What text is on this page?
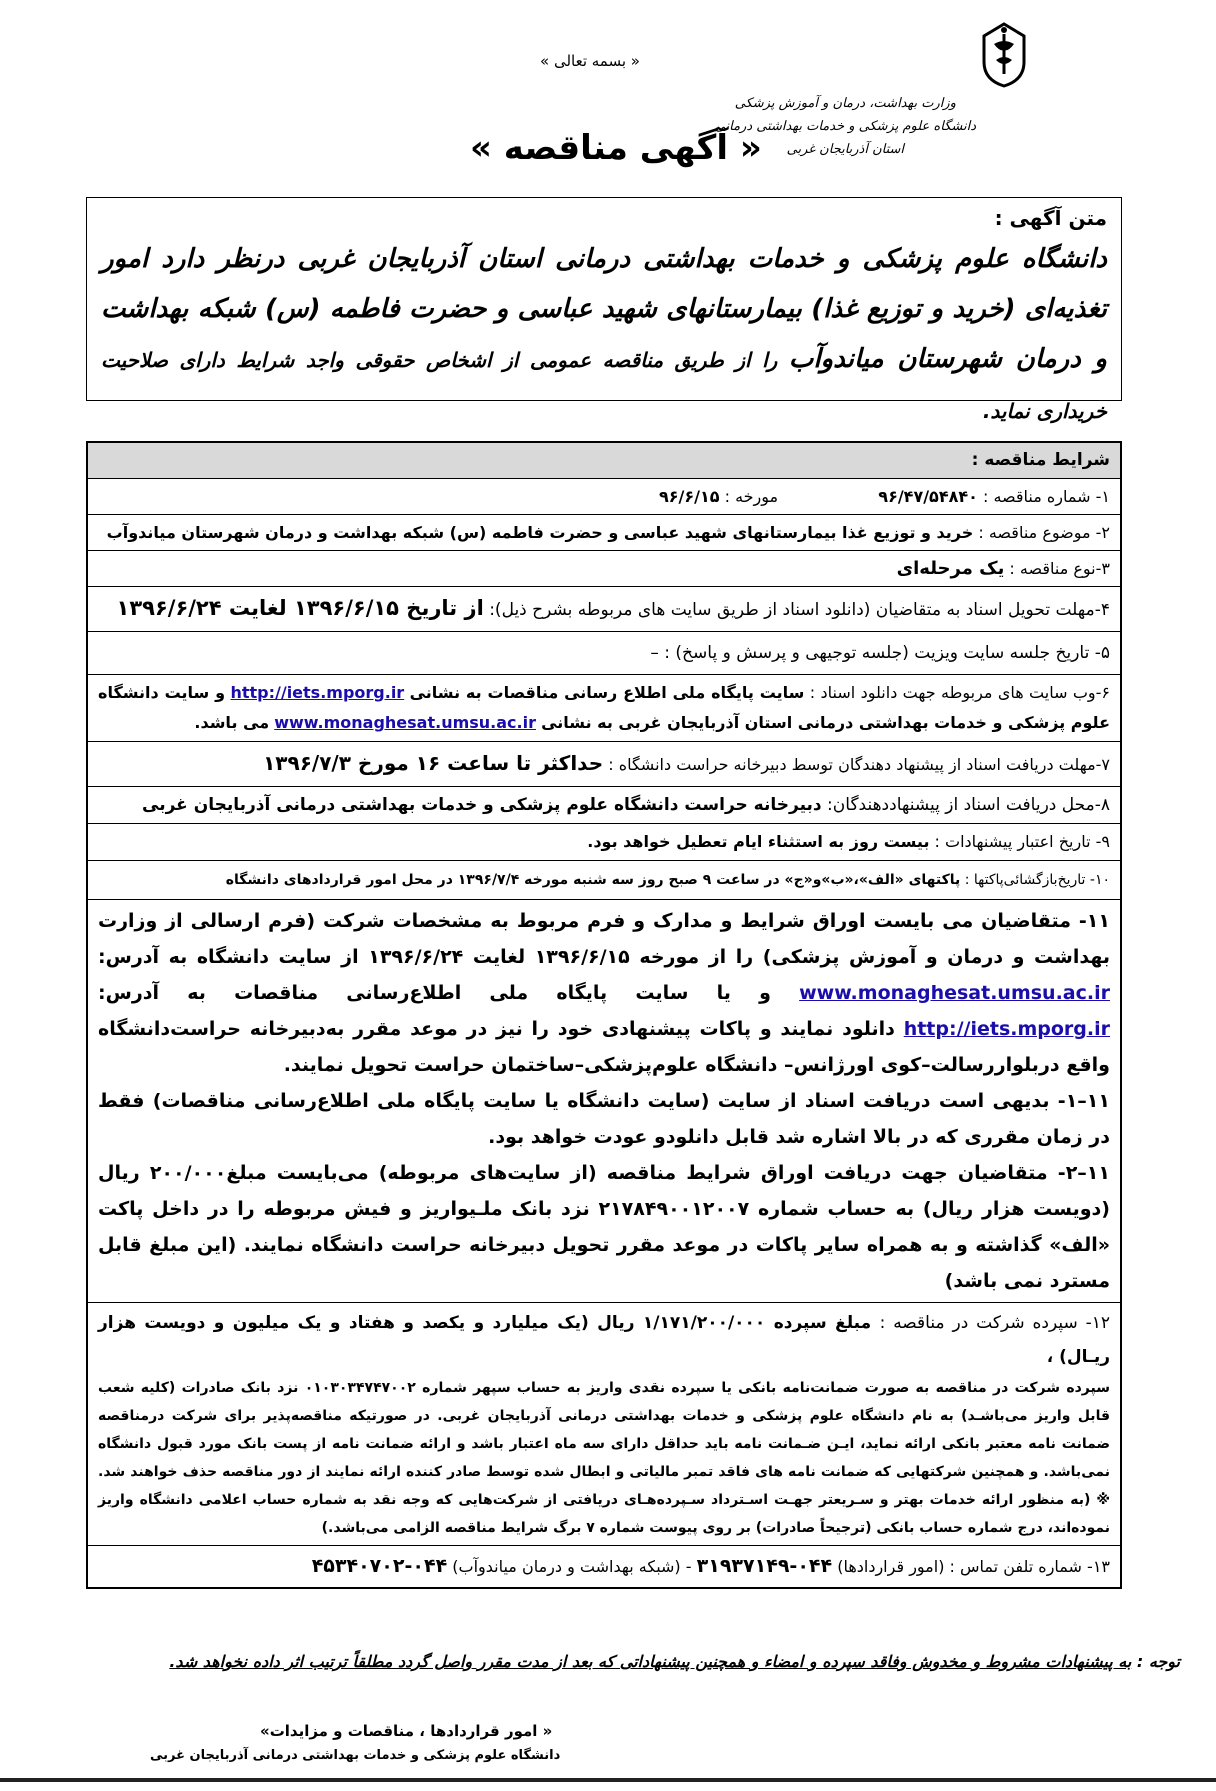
« بسمه تعالی »
وزارت بهداشت، درمان و آموزش پزشکی
دانشگاه علوم پزشکی و خدمات بهداشتی درمانی
استان آذربایجان غربی
« آگهی مناقصه »
متن آگهی :
دانشگاه علوم پزشکی و خدمات بهداشتی درمانی استان آذربایجان غربی درنظر دارد امور تغذیه‌ای (خرید و توزیع غذا) بیمارستانهای شهید عباسی و حضرت فاطمه (س) شبکه بهداشت و درمان شهرستان میاندوآب را از طریق مناقصه عمومی از اشخاص حقوقی واجد شرایط دارای صلاحیت خریداری نماید.
شرایط مناقصه :
۱- شماره مناقصه : ۹۶/۴۷/۵۴۸۴۰  مورخه : ۹۶/۶/۱۵
۲- موضوع مناقصه : خرید و توزیع غذا بیمارستانهای شهید عباسی و حضرت فاطمه (س) شبکه بهداشت و درمان شهرستان میاندوآب
۳-نوع مناقصه : یک مرحله‌ای
۴-مهلت تحویل اسناد به متقاضیان (دانلود اسناد از طریق سایت های مربوطه بشرح ذیل): از تاریخ ۱۳۹۶/۶/۱۵ لغایت ۱۳۹۶/۶/۲۴
۵- تاریخ جلسه سایت ویزیت (جلسه توجیهی و پرسش و پاسخ) : –
۶-وب سایت های مربوطه جهت دانلود اسناد : سایت پایگاه ملی اطلاع رسانی مناقصات به نشانی http://iets.mporg.ir و سایت دانشگاه علوم پزشکی و خدمات بهداشتی درمانی استان آذربایجان غربی به نشانی www.monaghesat.umsu.ac.ir می باشد.
۷-مهلت دریافت اسناد از پیشنهاد دهندگان توسط دبیرخانه حراست دانشگاه : حداکثر تا ساعت ۱۶ مورخ ۱۳۹۶/۷/۳
۸-محل دریافت اسناد از پیشنهاددهندگان: دبیرخانه حراست دانشگاه علوم پزشکی و خدمات بهداشتی درمانی آذربایجان غربی
۹- تاریخ اعتبار پیشنهادات : بیست روز به استثناء ایام تعطیل خواهد بود.
۱۰- تاریخ‌بازگشائی‌پاکتها : پاکتهای «الف»،«ب»و«ج» در ساعت ۹ صبح روز سه شنبه مورخه ۱۳۹۶/۷/۴ در محل امور قراردادهای دانشگاه
۱۱- متقاضیان می بایست اوراق شرایط و مدارک و فرم مربوط به مشخصات شرکت (فرم ارسالی از وزارت بهداشت و درمان و آموزش پزشکی) را از مورخه ۱۳۹۶/۶/۱۵ لغایت ۱۳۹۶/۶/۲۴ از سایت دانشگاه به آدرس: www.monaghesat.umsu.ac.ir و یا سایت پایگاه ملی اطلاع‌رسانی مناقصات به آدرس: http://iets.mporg.ir دانلود نمایند و پاکات پیشنهادی خود را نیز در موعد مقرر به‌دبیرخانه حراست‌دانشگاه واقع دربلوار‌رسالت–کوی اورژانس– دانشگاه علوم‌پزشکی–ساختمان حراست تحویل نمایند.
۱۱–۱- بدیهی است دریافت اسناد از سایت (سایت دانشگاه یا سایت پایگاه ملی اطلاع‌رسانی مناقصات) فقط در زمان مقرری که در بالا اشاره شد قابل دانلودو عودت خواهد بود.
۱۱–۲- متقاضیان جهت دریافت اوراق شرایط مناقصه (از سایت‌های مربوطه) می‌بایست مبلغ۲۰۰/۰۰۰ ریال (دویست هزار ریال) به حساب شماره ۲۱۷۸۴۹۰۰۱۲۰۰۷ نزد بانک ملـیواریز و فیش مربوطه را در داخل پاکت «الف» گذاشته و به همراه سایر پاکات در موعد مقرر تحویل دبیرخانه حراست دانشگاه نمایند. (این مبلغ قابل مسترد نمی باشد)
۱۲- سپرده شرکت در مناقصه : مبلغ سپرده ۱/۱۷۱/۲۰۰/۰۰۰ ریال (یک میلیارد و یکصد و هفتاد و یک میلیون و دویست هزار ریـال) ،
سپرده شرکت در مناقصه به صورت ضمانت‌نامه بانکی یا سپرده نقدی واریز به حساب سپهر شماره ۰۱۰۳۰۳۴۷۴۷۰۰۲ نزد بانک صادرات (کلیه شعب قابل واریز می‌باشـد) به نام دانشگاه علوم پزشکی و خدمات بهداشتی درمانی آذربایجان غربی. در صورتیکه مناقصه‌پذیر برای شرکت درمناقصه ضمانت نامه معتبر بانکی ارائه نماید، ایـن ضـمانت نامه باید حداقل دارای سه ماه اعتبار باشد و ارائه ضمانت نامه از پست بانک مورد قبول دانشگاه نمی‌باشد. و همچنین شرکتهایی که ضمانت نامه های فاقد تمبر مالیاتی و ابطال شده توسط صادر کننده ارائه نمایند از دور مناقصه حذف خواهند شد. ※ (به منظور ارائه خدمات بهتر و سـریعتر جهـت اسـترداد سـپرده‌هـای دریافتی از شرکت‌هایی که وجه نقد به شماره حساب اعلامی دانشگاه واریز نموده‌اند، درج شماره حساب بانکی (ترجیحاً صادرات) بر روی پیوست شماره ۷ برگ شرایط مناقصه الزامی می‌باشد.)
۱۳- شماره تلفن تماس : (امور قراردادها) ۰۴۴-۳۱۹۳۷۱۴۹ - (شبکه بهداشت و درمان میاندوآب) ۰۴۴-۴۵۳۴۰۷۰۲
توجه : به پیشنهادات مشروط و مخدوش وفاقد سپرده و امضاء و همچنین پیشنهاداتی که بعد از مدت مقرر واصل گردد مطلقاً ترتیب اثر داده نخواهد شد.
« امور قراردادها ، مناقصات و مزایدات»
دانشگاه علوم پزشکی و خدمات بهداشتی درمانی آذربایجان غربی
